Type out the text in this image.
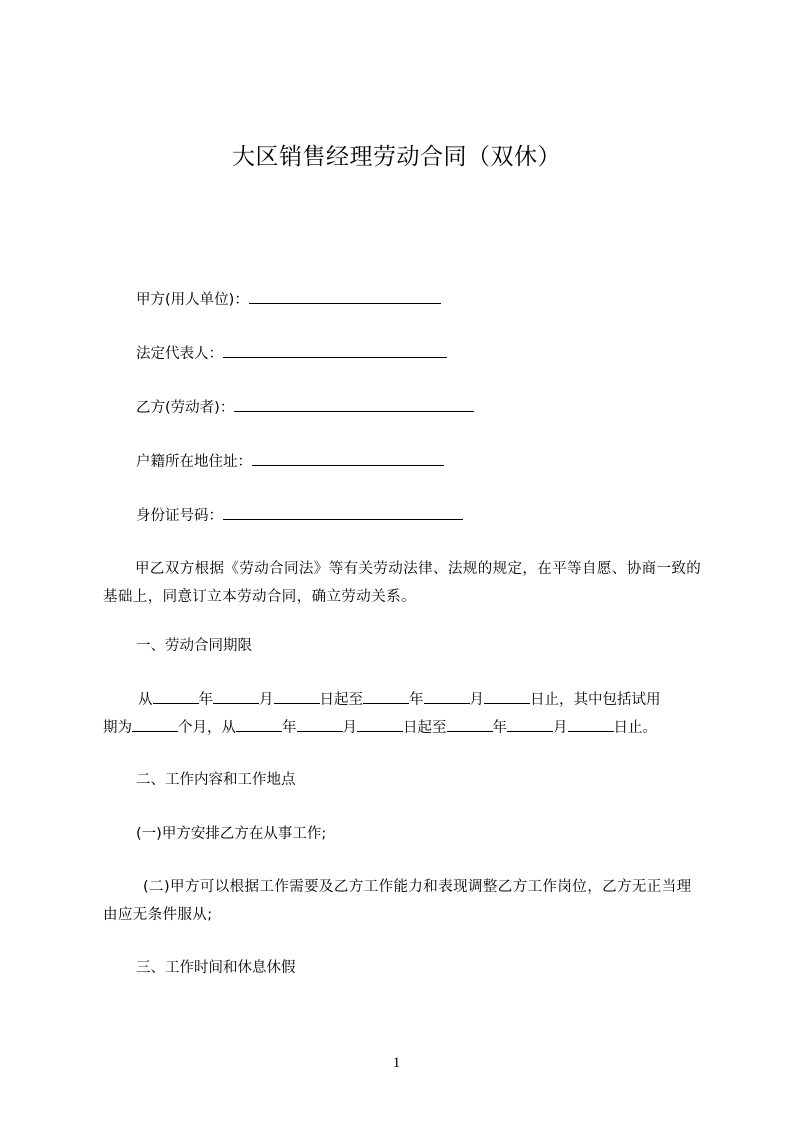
大区销售经理劳动合同（双休）
甲方(用人单位)：
法定代表人：
乙方(劳动者)：
户籍所在地住址：
身份证号码：
甲乙双方根据《劳动合同法》等有关劳动法律、法规的规定，在平等自愿、协商一致的基础上，同意订立本劳动合同，确立劳动关系。
一、劳动合同期限
从	年	月	日起至	年	月	日止，其中包括试用
期为	个月，从	年	月	日起至	年	月	日止。
二、工作内容和工作地点
(一)甲方安排乙方在从事工作;
(二)甲方可以根据工作需要及乙方工作能力和表现调整乙方工作岗位，乙方无正当理由应无条件服从;
三、工作时间和休息休假
1
